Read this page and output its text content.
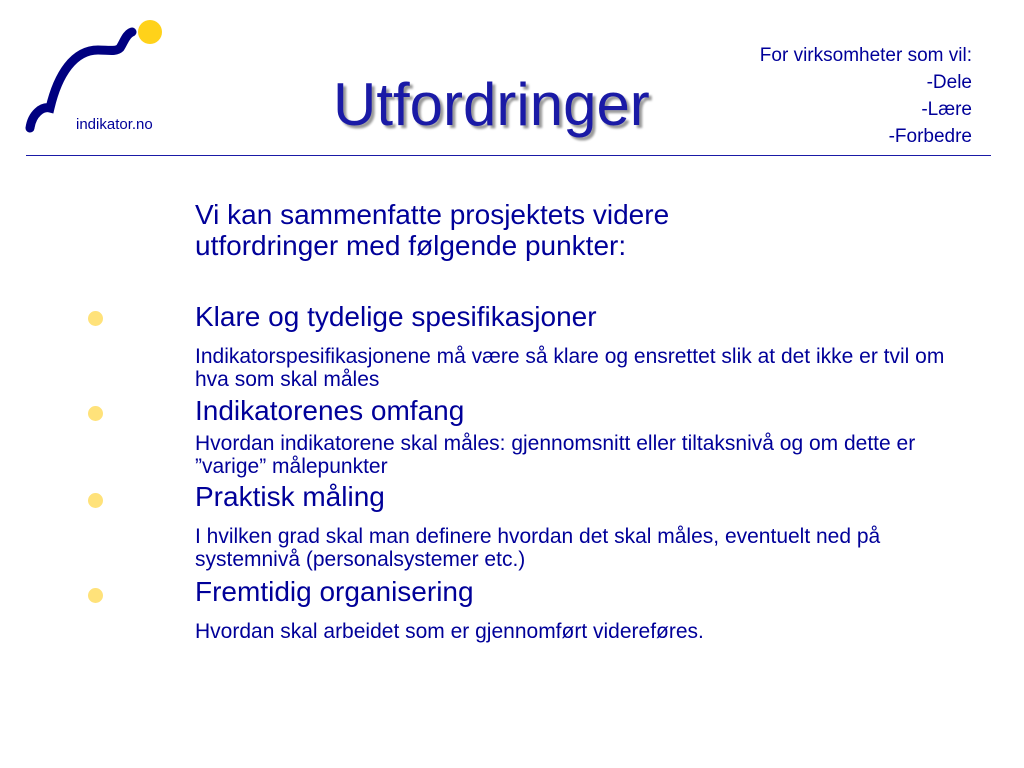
indikator.no	Utfordringer
For virksomheter som vil:
-Dele
-Lære
-Forbedre
Vi kan sammenfatte prosjektets videre utfordringer med følgende punkter:
Klare og tydelige spesifikasjoner
Indikatorspesifikasjonene må være så klare og ensrettet slik at det ikke er tvil om hva som skal måles
Indikatorenes omfang
Hvordan indikatorene skal måles: gjennomsnitt eller tiltaksnivå og om dette er ”varige” målepunkter
Praktisk måling
I hvilken grad skal man definere hvordan det skal måles, eventuelt ned på systemnivå (personalsystemer etc.)
Fremtidig organisering
Hvordan skal arbeidet som er gjennomført videreføres.
